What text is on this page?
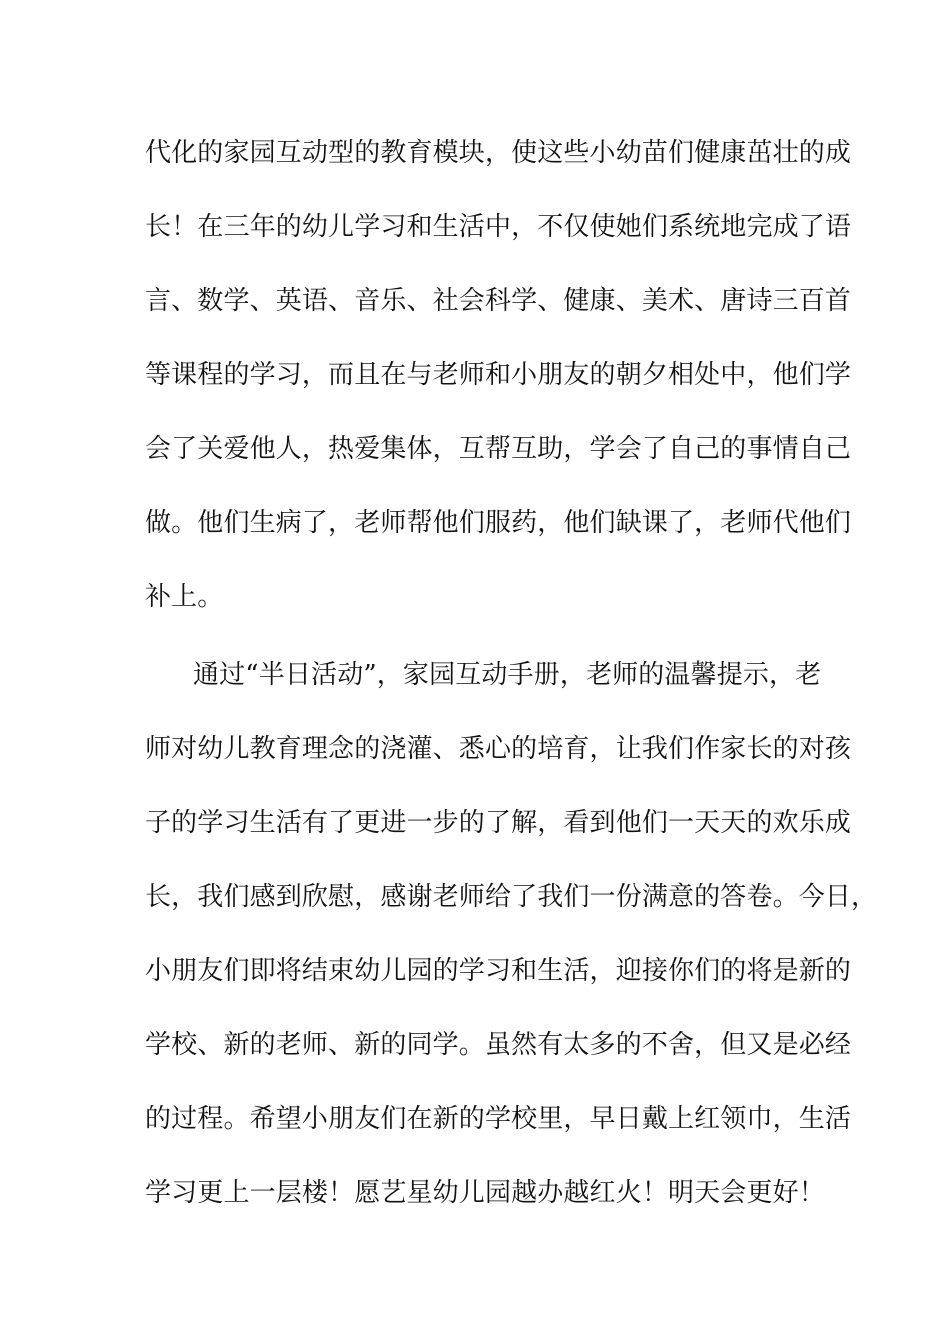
代化的家园互动型的教育模块，使这些小幼苗们健康茁壮的成
长！在三年的幼儿学习和生活中，不仅使她们系统地完成了语
言、数学、英语、音乐、社会科学、健康、美术、唐诗三百首
等课程的学习，而且在与老师和小朋友的朝夕相处中，他们学
会了关爱他人，热爱集体，互帮互助，学会了自己的事情自己
做。他们生病了，老师帮他们服药，他们缺课了，老师代他们
补上。
通过“半日活动”，家园互动手册，老师的温馨提示，老
师对幼儿教育理念的浇灌、悉心的培育，让我们作家长的对孩
子的学习生活有了更进一步的了解，看到他们一天天的欢乐成
长，我们感到欣慰，感谢老师给了我们一份满意的答卷。今日，
小朋友们即将结束幼儿园的学习和生活，迎接你们的将是新的
学校、新的老师、新的同学。虽然有太多的不舍，但又是必经
的过程。希望小朋友们在新的学校里，早日戴上红领巾，生活
学习更上一层楼！愿艺星幼儿园越办越红火！明天会更好！
